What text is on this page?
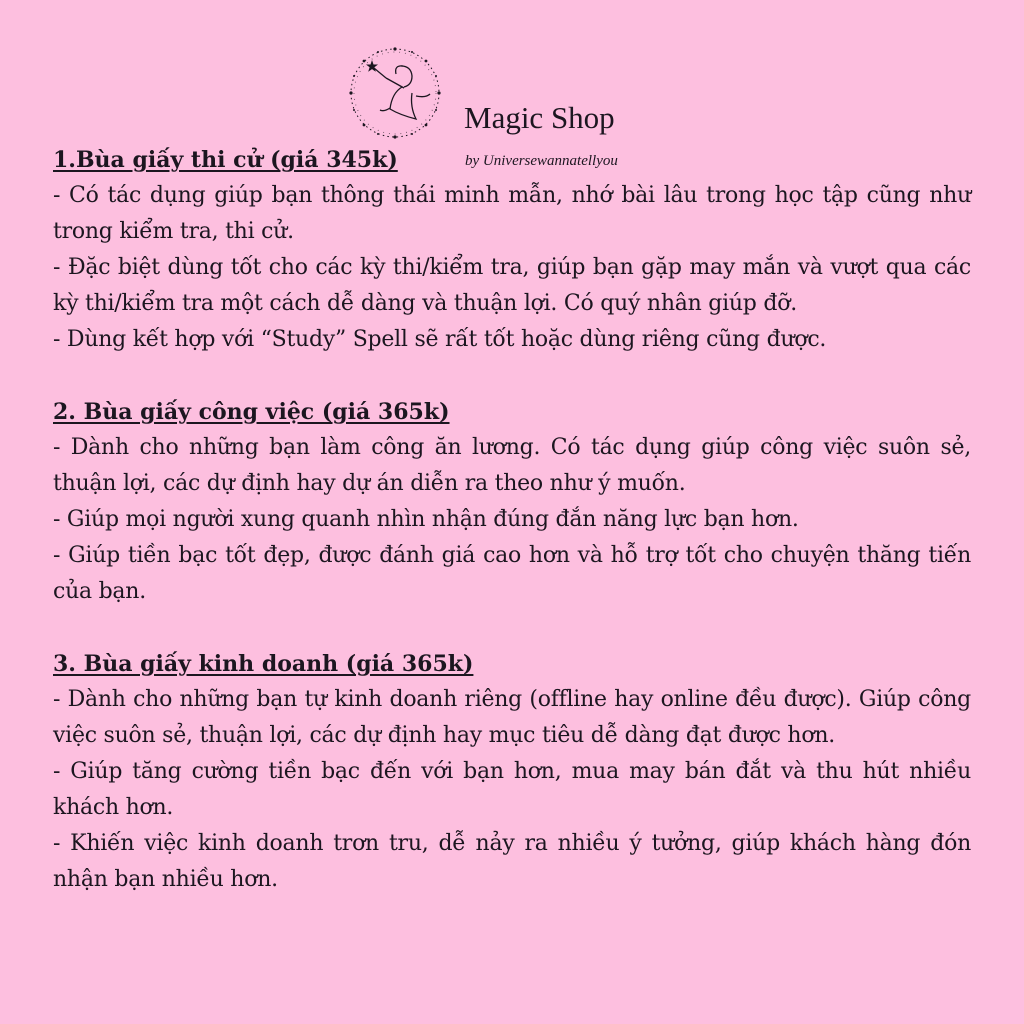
Magic Shop
by Universewannatellyou
1.Bùa giấy thi cử (giá 345k)
- Có tác dụng giúp bạn thông thái minh mẫn, nhớ bài lâu trong học tập cũng như trong kiểm tra, thi cử.
- Đặc biệt dùng tốt cho các kỳ thi/kiểm tra, giúp bạn gặp may mắn và vượt qua các kỳ thi/kiểm tra một cách dễ dàng và thuận lợi. Có quý nhân giúp đỡ.
- Dùng kết hợp với “Study” Spell sẽ rất tốt hoặc dùng riêng cũng được.
2. Bùa giấy công việc (giá 365k)
- Dành cho những bạn làm công ăn lương. Có tác dụng giúp công việc suôn sẻ, thuận lợi, các dự định hay dự án diễn ra theo như ý muốn.
- Giúp mọi người xung quanh nhìn nhận đúng đắn năng lực bạn hơn.
- Giúp tiền bạc tốt đẹp, được đánh giá cao hơn và hỗ trợ tốt cho chuyện thăng tiến của bạn.
3. Bùa giấy kinh doanh (giá 365k)
- Dành cho những bạn tự kinh doanh riêng (offline hay online đều được). Giúp công việc suôn sẻ, thuận lợi, các dự định hay mục tiêu dễ dàng đạt được hơn.
- Giúp tăng cường tiền bạc đến với bạn hơn, mua may bán đắt và thu hút nhiều khách hơn.
- Khiến việc kinh doanh trơn tru, dễ nảy ra nhiều ý tưởng, giúp khách hàng đón nhận bạn nhiều hơn.
